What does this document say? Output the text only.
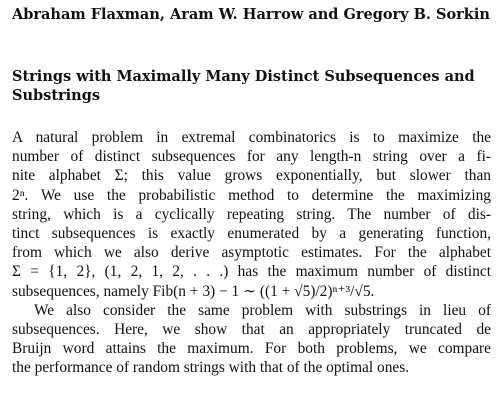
Abraham Flaxman, Aram W. Harrow and Gregory B. Sorkin
Strings with Maximally Many Distinct Subsequences and Substrings

A natural problem in extremal combinatorics is to maximize the
number of distinct subsequences for any length-n string over a fi-
nite alphabet Σ; this value grows exponentially, but slower than
2ⁿ. We use the probabilistic method to determine the maximizing
string, which is a cyclically repeating string. The number of dis-
tinct subsequences is exactly enumerated by a generating function,
from which we also derive asymptotic estimates. For the alphabet
Σ = {1, 2}, (1, 2, 1, 2, . . .) has the maximum number of distinct
subsequences, namely Fib(n + 3) − 1 ∼ ((1 + √5)/2)ⁿ⁺³/√5.

We also consider the same problem with substrings in lieu of
subsequences. Here, we show that an appropriately truncated de
Bruijn word attains the maximum. For both problems, we compare
the performance of random strings with that of the optimal ones.
